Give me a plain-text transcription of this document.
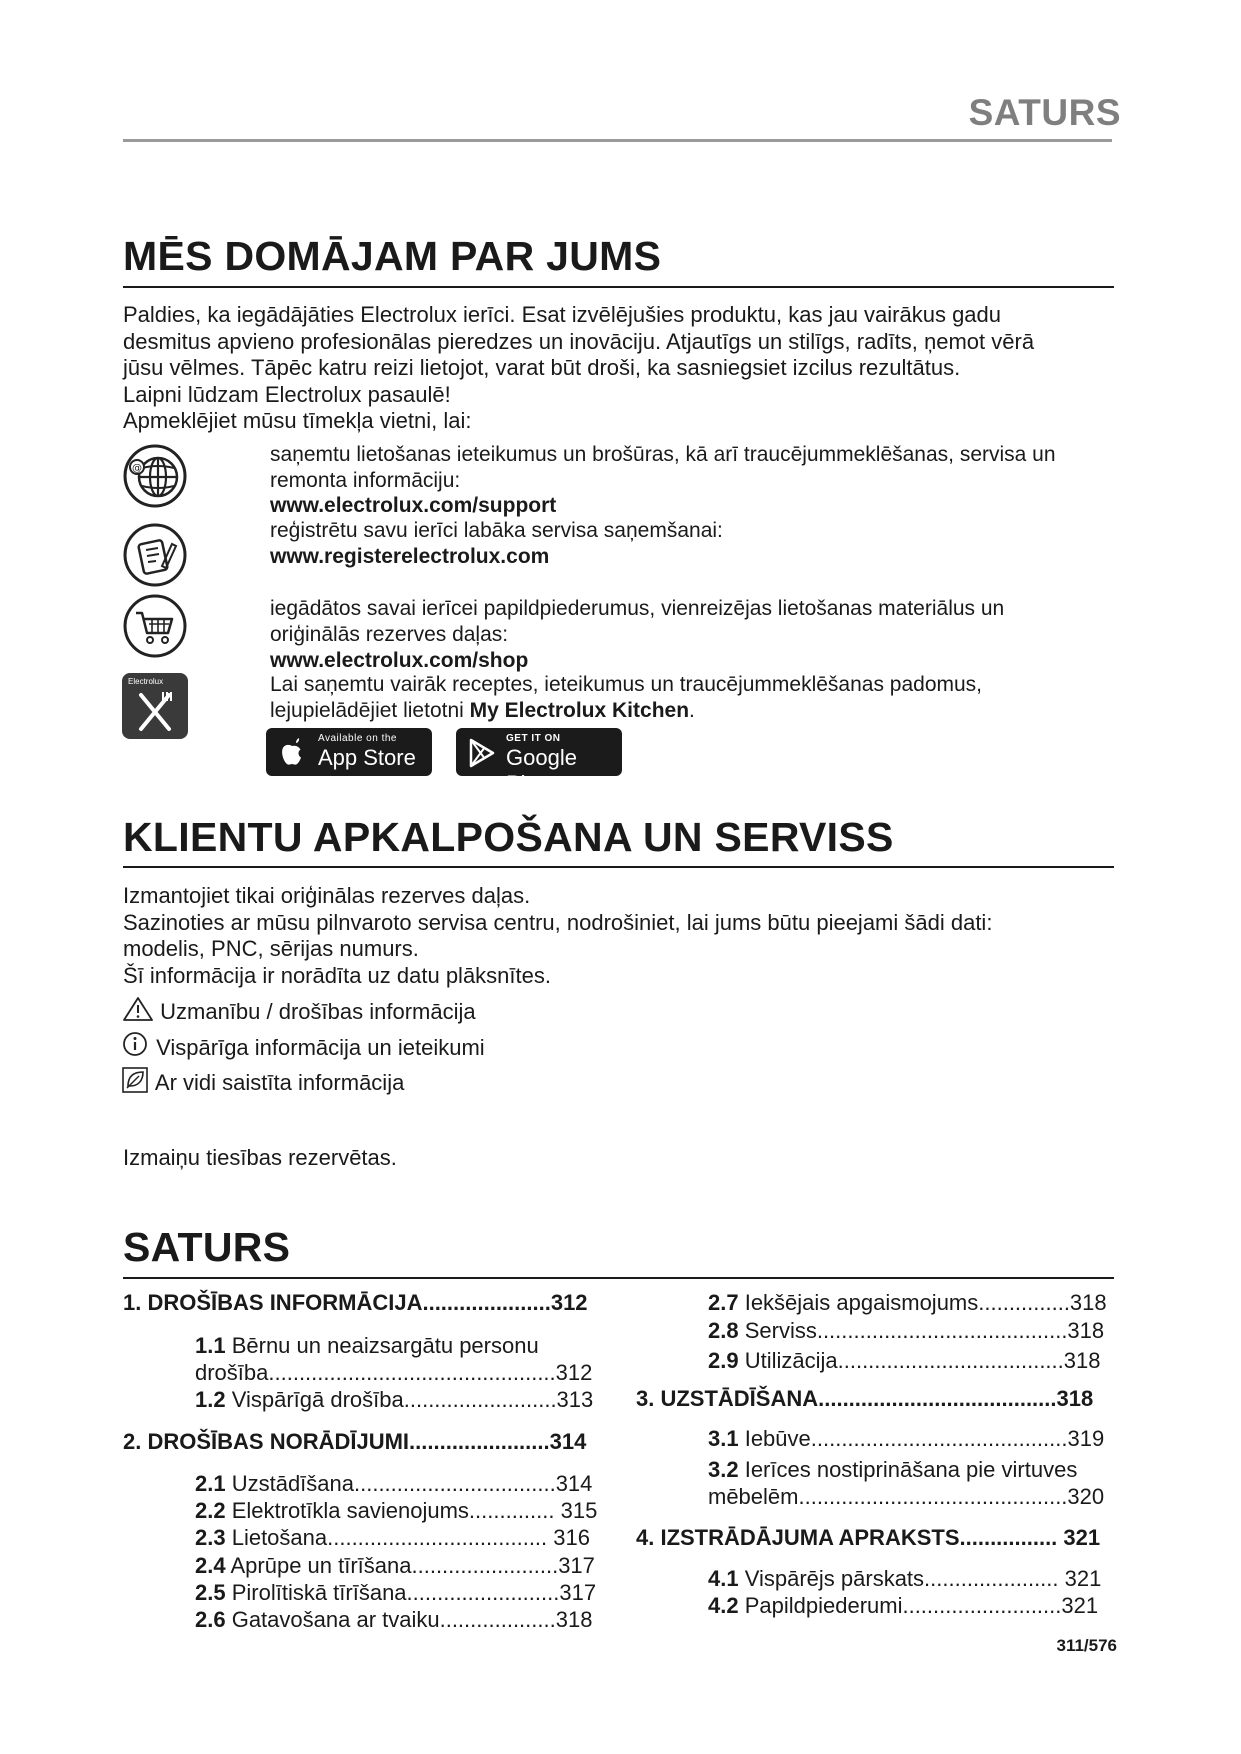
SATURS
MĒS DOMĀJAM PAR JUMS
Paldies, ka iegādājāties Electrolux ierīci. Esat izvēlējušies produktu, kas jau vairākus gadu
desmitus apvieno profesionālas pieredzes un inovāciju. Atjautīgs un stilīgs, radīts, ņemot vērā
jūsu vēlmes. Tāpēc katru reizi lietojot, varat būt droši, ka sasniegsiet izcilus rezultātus.
Laipni lūdzam Electrolux pasaulē!
Apmeklējiet mūsu tīmekļa vietni, lai:
@
saņemtu lietošanas ieteikumus un brošūras, kā arī traucējummeklēšanas, servisa un
remonta informāciju:
www.electrolux.com/support
reģistrētu savu ierīci labāka servisa saņemšanai:
www.registerelectrolux.com
iegādātos savai ierīcei papildpiederumus, vienreizējas lietošanas materiālus un
oriģinālās rezerves daļas:
www.electrolux.com/shop
Electrolux	Lai saņemtu vairāk receptes, ieteikumus un traucējummeklēšanas padomus,
lejupielādējiet lietotni My Electrolux Kitchen.
Available on the
App Store
GET IT ON
Google Play
KLIENTU APKALPOŠANA UN SERVISS
Izmantojiet tikai oriģinālas rezerves daļas.
Sazinoties ar mūsu pilnvaroto servisa centru, nodrošiniet, lai jums būtu pieejami šādi dati:
modelis, PNC, sērijas numurs.
Šī informācija ir norādīta uz datu plāksnītes.
Uzmanību / drošības informācija
Vispārīga informācija un ieteikumi
Ar vidi saistīta informācija
Izmaiņu tiesības rezervētas.
SATURS
1. DROŠĪBAS INFORMĀCIJA.....................312
1.1 Bērnu un neaizsargātu personu
drošība...............................................312
1.2 Vispārīgā drošība.........................313
2. DROŠĪBAS NORĀDĪJUMI.......................314
2.1 Uzstādīšana.................................314
2.2 Elektrotīkla savienojums.............. 315
2.3 Lietošana.................................... 316
2.4 Aprūpe un tīrīšana........................317
2.5 Pirolītiskā tīrīšana.........................317
2.6 Gatavošana ar tvaiku...................318
2.7 Iekšējais apgaismojums...............318
2.8 Serviss.........................................318
2.9 Utilizācija.....................................318
3. UZSTĀDĪŠANA.......................................318
3.1 Iebūve..........................................319
3.2 Ierīces nostiprināšana pie virtuves
mēbelēm............................................320
4. IZSTRĀDĀJUMA APRAKSTS................ 321
4.1 Vispārējs pārskats...................... 321
4.2 Papildpiederumi..........................321
311/576
